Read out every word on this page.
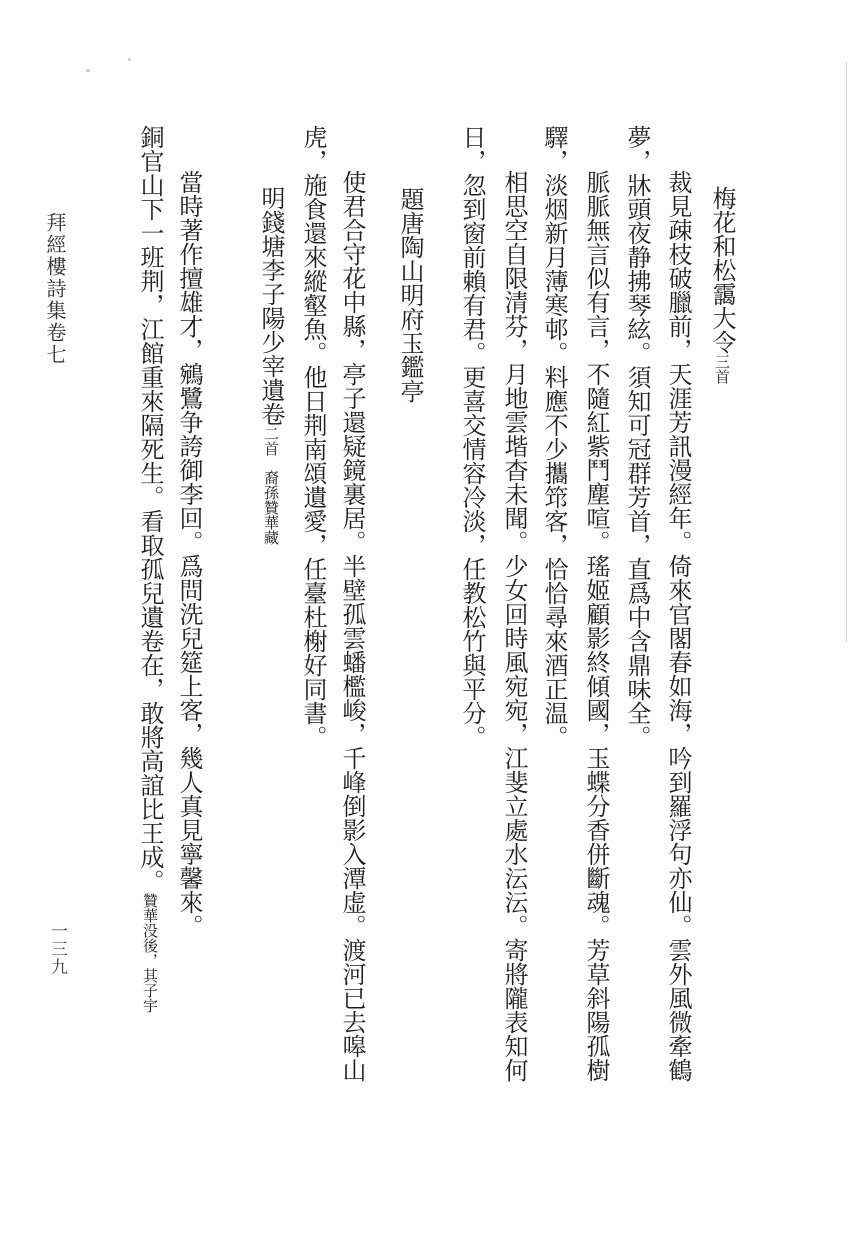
梅花和松靄大令三首
裁見疎枝破臘前，天涯芳訊漫經年。倚來官閣春如海，吟到羅浮句亦仙。雲外風微牽鶴
夢，牀頭夜静拂琴絃。須知可冠群芳首，直爲中含鼎味全。
脈脈無言似有言，不隨紅紫鬥塵喧。瑤姬顧影終傾國，玉蝶分香併斷魂。芳草斜陽孤樹
驛，淡烟新月薄寒邨。料應不少攜筇客，恰恰尋來酒正温。
相思空自限清芬，月地雲堦杳未聞。少女回時風宛宛，江斐立處水沄沄。寄將隴表知何
日，忽到窗前賴有君。更喜交情容冷淡，任教松竹與平分。
題唐陶山明府玉鑑亭
使君合守花中縣，亭子還疑鏡裏居。半壁孤雲蟠檻峻，千峰倒影入潭虚。渡河已去嗥山
虎，施食還來縱壑魚。他日荆南頌遺愛，任臺杜榭好同書。
明錢塘李子陽少宰遺卷二首裔孫贊華藏
當時著作擅雄才，鵷鷺争誇御李回。爲問洗兒筵上客，幾人真見寧馨來。
銅官山下一班荆，江館重來隔死生。看取孤兒遺卷在，敢將高誼比王成。贊華没後，其子宇
拜經樓詩集卷七
一三九
